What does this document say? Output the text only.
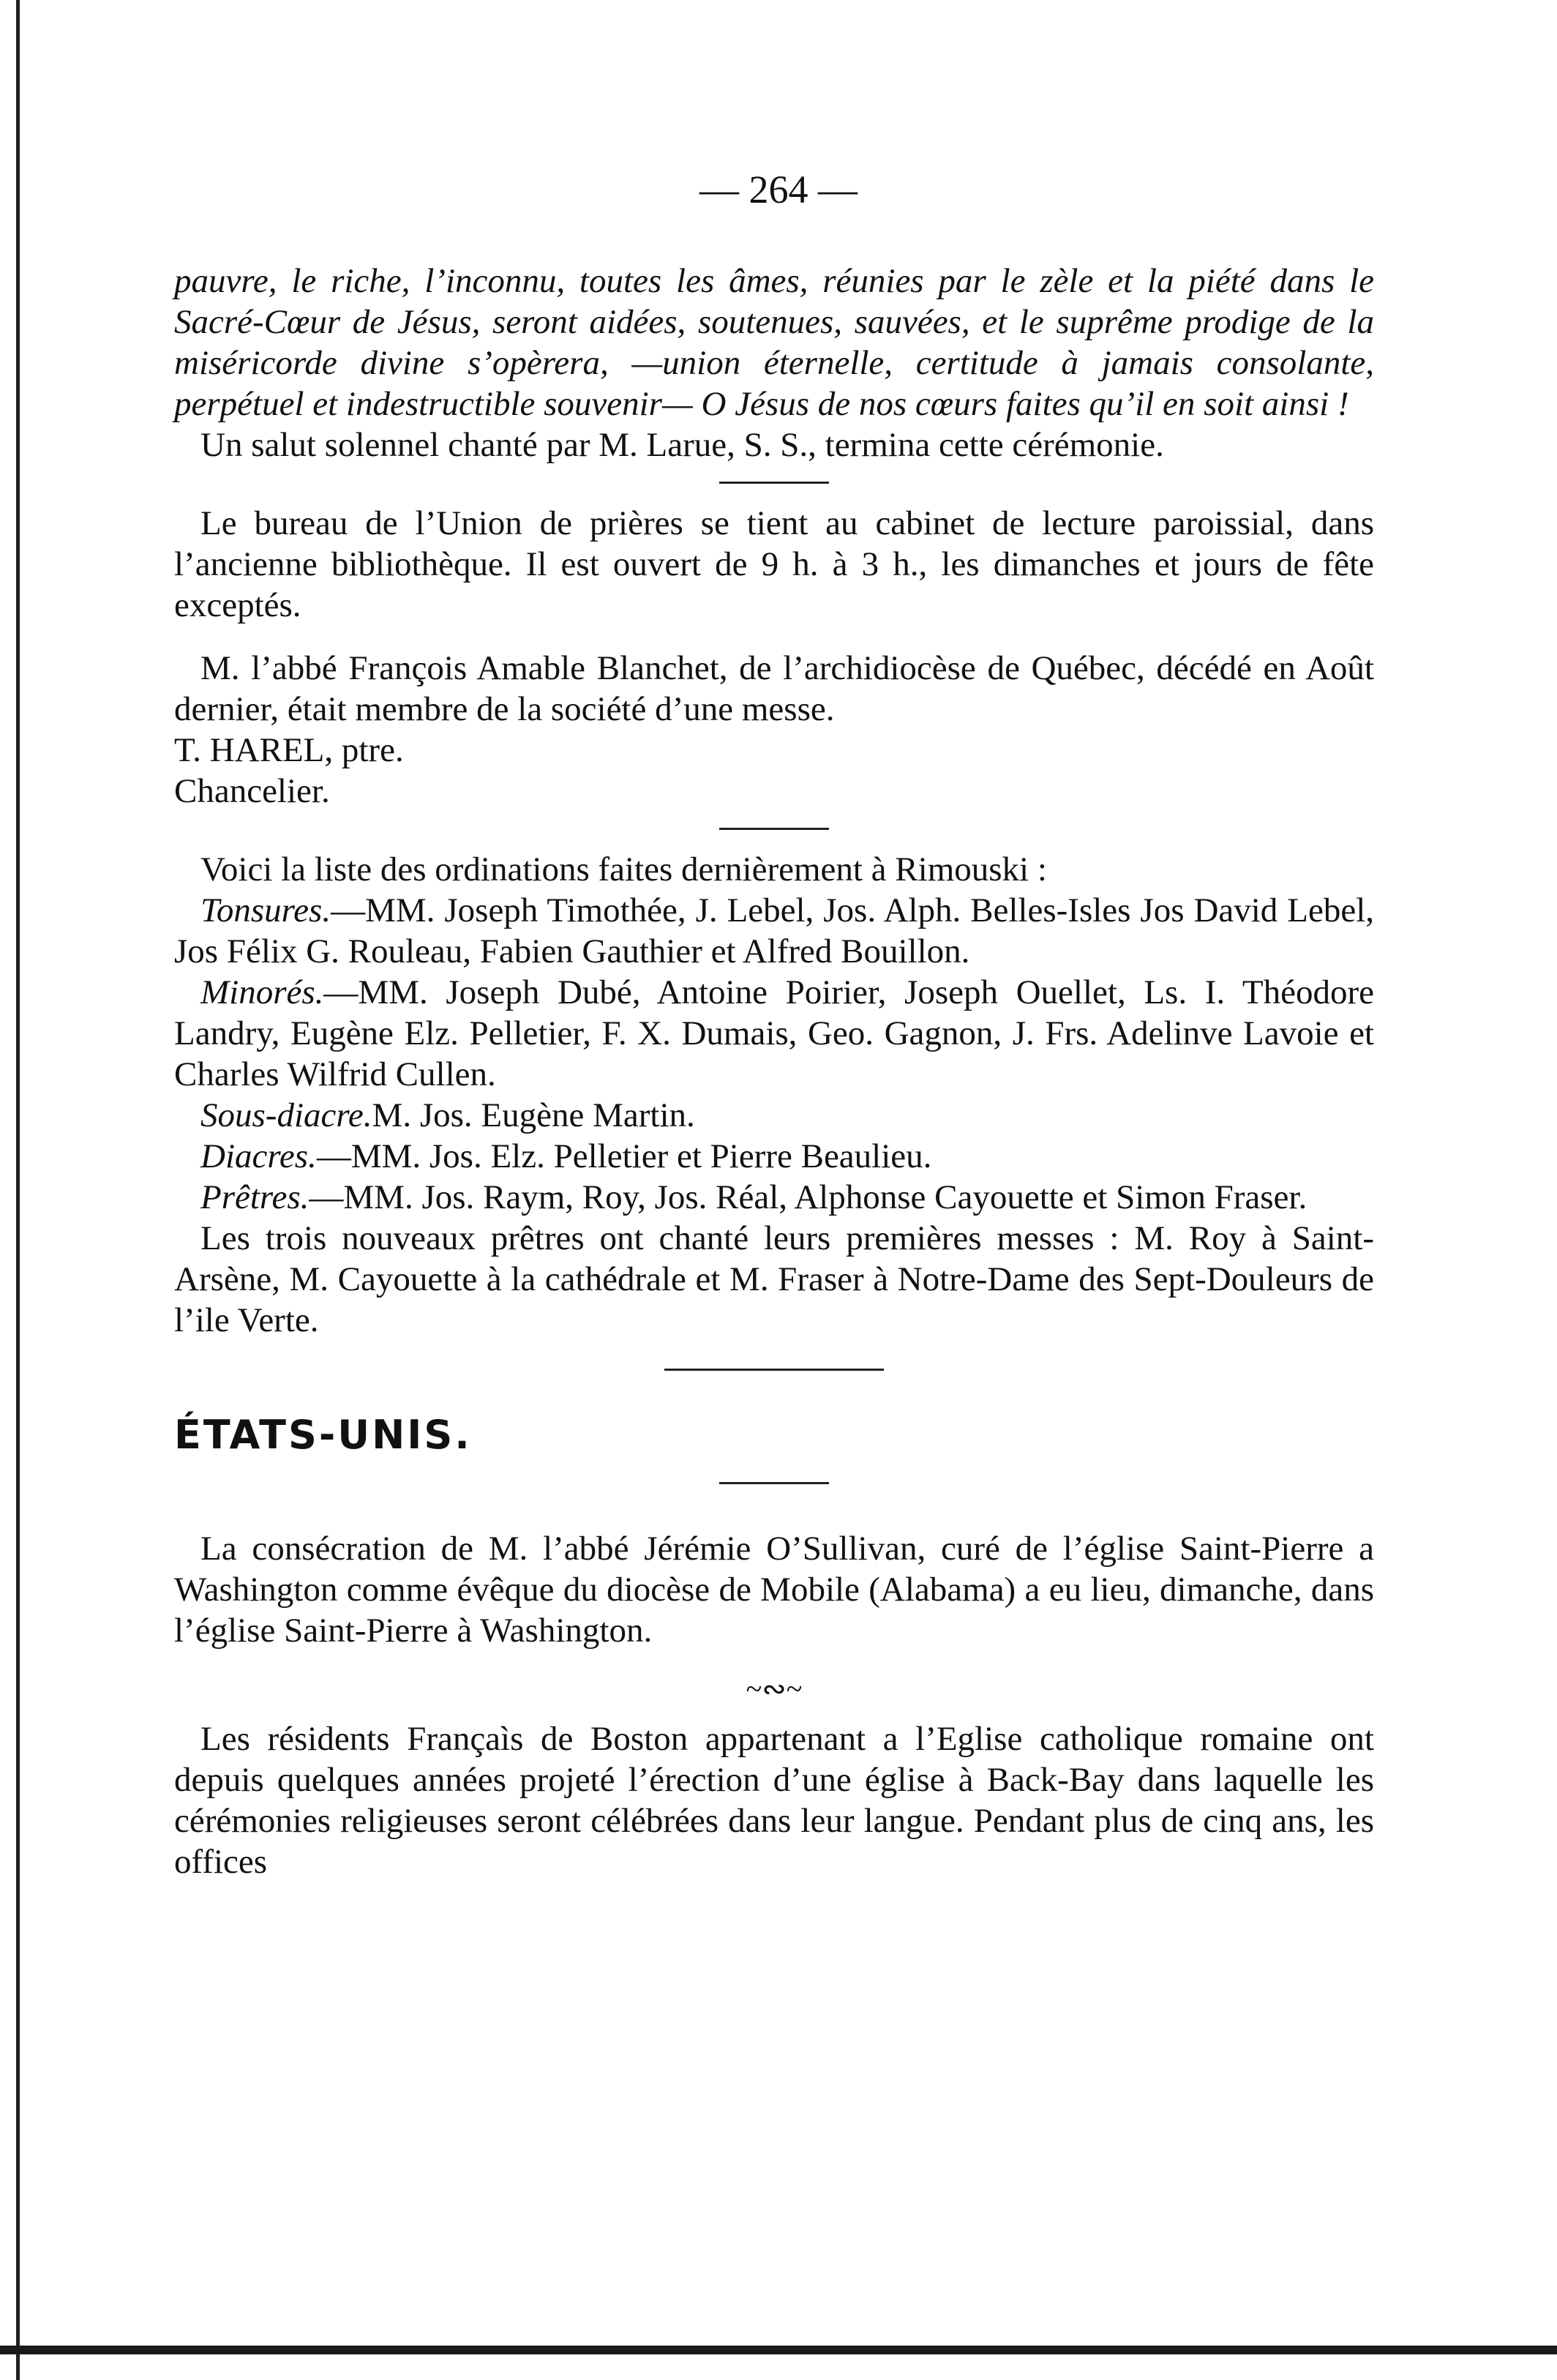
— 264 —

pauvre, le riche, l’inconnu, toutes les âmes, réunies par le zèle et la piété dans le Sacré-Cœur de Jésus, seront aidées, soutenues, sauvées, et le suprême prodige de la miséricorde divine s’opèrera, —union éternelle, certitude à jamais consolante, perpétuel et indestructible souvenir— O Jésus de nos cœurs faites qu’il en soit ainsi !

Un salut solennel chanté par M. Larue, S. S., termina cette cérémonie.

Le bureau de l’Union de prières se tient au cabinet de lecture paroissial, dans l’ancienne bibliothèque. Il est ouvert de 9 h. à 3 h., les dimanches et jours de fête exceptés.

M. l’abbé François Amable Blanchet, de l’archidiocèse de Québec, décédé en Août dernier, était membre de la société d’une messe.

T. HAREL, ptre.

Chancelier.

Voici la liste des ordinations faites dernièrement à Rimouski :

Tonsures.—MM. Joseph Timothée, J. Lebel, Jos. Alph. Belles-Isles Jos David Lebel, Jos Félix G. Rouleau, Fabien Gauthier et Alfred Bouillon.

Minorés.—MM. Joseph Dubé, Antoine Poirier, Joseph Ouellet, Ls. I. Théodore Landry, Eugène Elz. Pelletier, F. X. Dumais, Geo. Gagnon, J. Frs. Adelinve Lavoie et Charles Wilfrid Cullen.

Sous-diacre.M. Jos. Eugène Martin.

Diacres.—MM. Jos. Elz. Pelletier et Pierre Beaulieu.

Prêtres.—MM. Jos. Raym, Roy, Jos. Réal, Alphonse Cayouette et Simon Fraser.

Les trois nouveaux prêtres ont chanté leurs premières messes : M. Roy à Saint-Arsène, M. Cayouette à la cathédrale et M. Fraser à Notre-Dame des Sept-Douleurs de l’ile Verte.

ÉTATS-UNIS.

La consécration de M. l’abbé Jérémie O’Sullivan, curé de l’église Saint-Pierre a Washington comme évêque du diocèse de Mobile (Alabama) a eu lieu, dimanche, dans l’église Saint-Pierre à Washington.

~∾~

Les résidents Françaìs de Boston appartenant a l’Eglise catholique romaine ont depuis quelques années projeté l’érection d’une église à Back-Bay dans laquelle les cérémonies religieuses seront célébrées dans leur langue. Pendant plus de cinq ans, les offices
